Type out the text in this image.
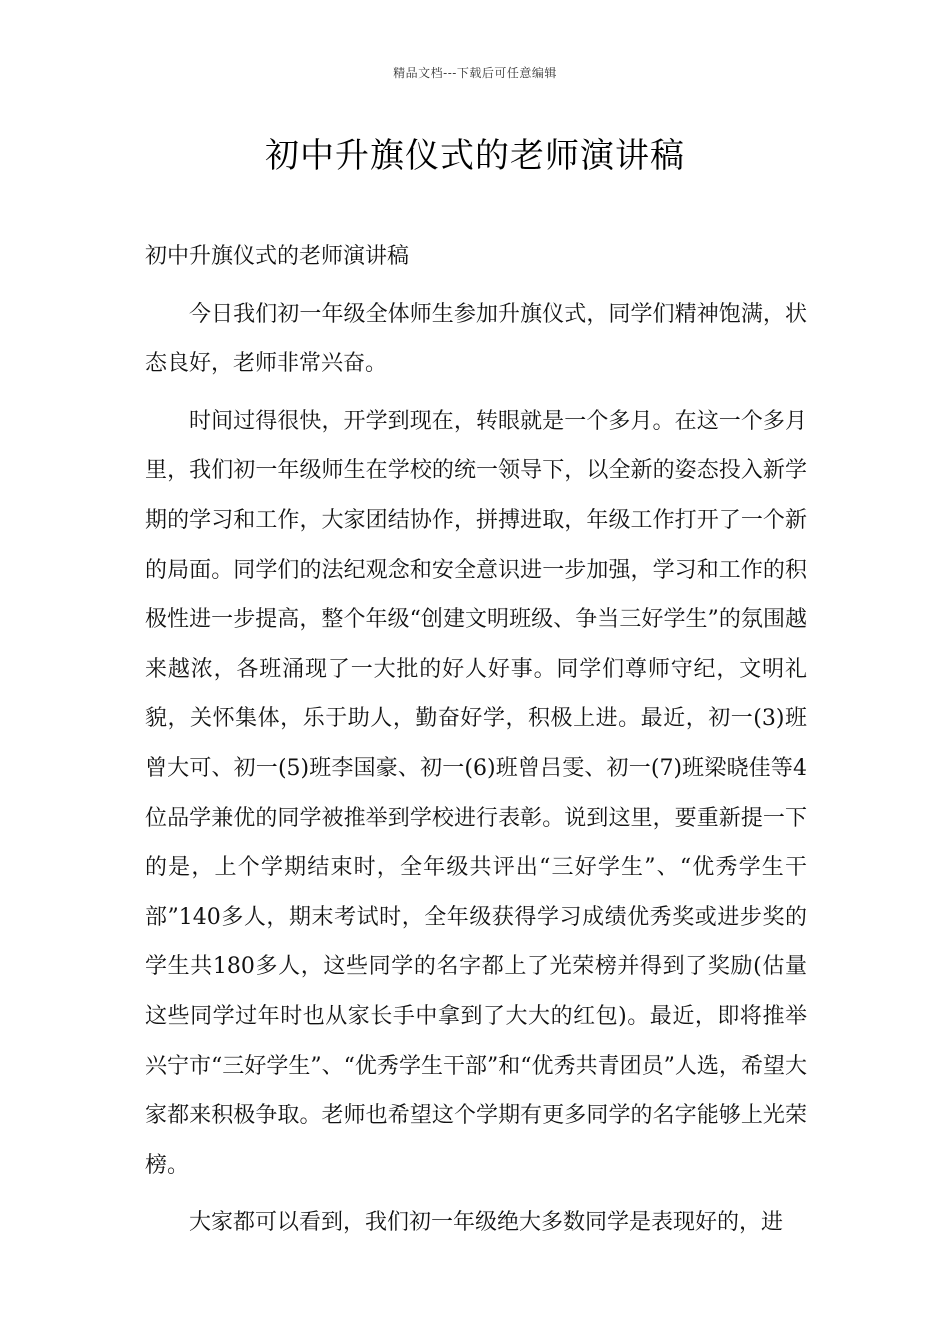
精品文档---下载后可任意编辑
初中升旗仪式的老师演讲稿

初中升旗仪式的老师演讲稿

今日我们初一年级全体师生参加升旗仪式，同学们精神饱满，状态良好，老师非常兴奋。

时间过得很快，开学到现在，转眼就是一个多月。在这一个多月里，我们初一年级师生在学校的统一领导下，以全新的姿态投入新学期的学习和工作，大家团结协作，拼搏进取，年级工作打开了一个新的局面。同学们的法纪观念和安全意识进一步加强，学习和工作的积极性进一步提高，整个年级“创建文明班级、争当三好学生”的氛围越来越浓，各班涌现了一大批的好人好事。同学们尊师守纪，文明礼貌，关怀集体，乐于助人，勤奋好学，积极上进。最近，初一(3)班曾大可、初一(5)班李国豪、初一(6)班曾吕雯、初一(7)班梁晓佳等4位品学兼优的同学被推举到学校进行表彰。说到这里，要重新提一下的是，上个学期结束时，全年级共评出“三好学生”、“优秀学生干部”140多人，期末考试时，全年级获得学习成绩优秀奖或进步奖的学生共180多人，这些同学的名字都上了光荣榜并得到了奖励(估量这些同学过年时也从家长手中拿到了大大的红包)。最近，即将推举兴宁市“三好学生”、“优秀学生干部”和“优秀共青团员”人选，希望大家都来积极争取。老师也希望这个学期有更多同学的名字能够上光荣榜。

大家都可以看到，我们初一年级绝大多数同学是表现好的，进
